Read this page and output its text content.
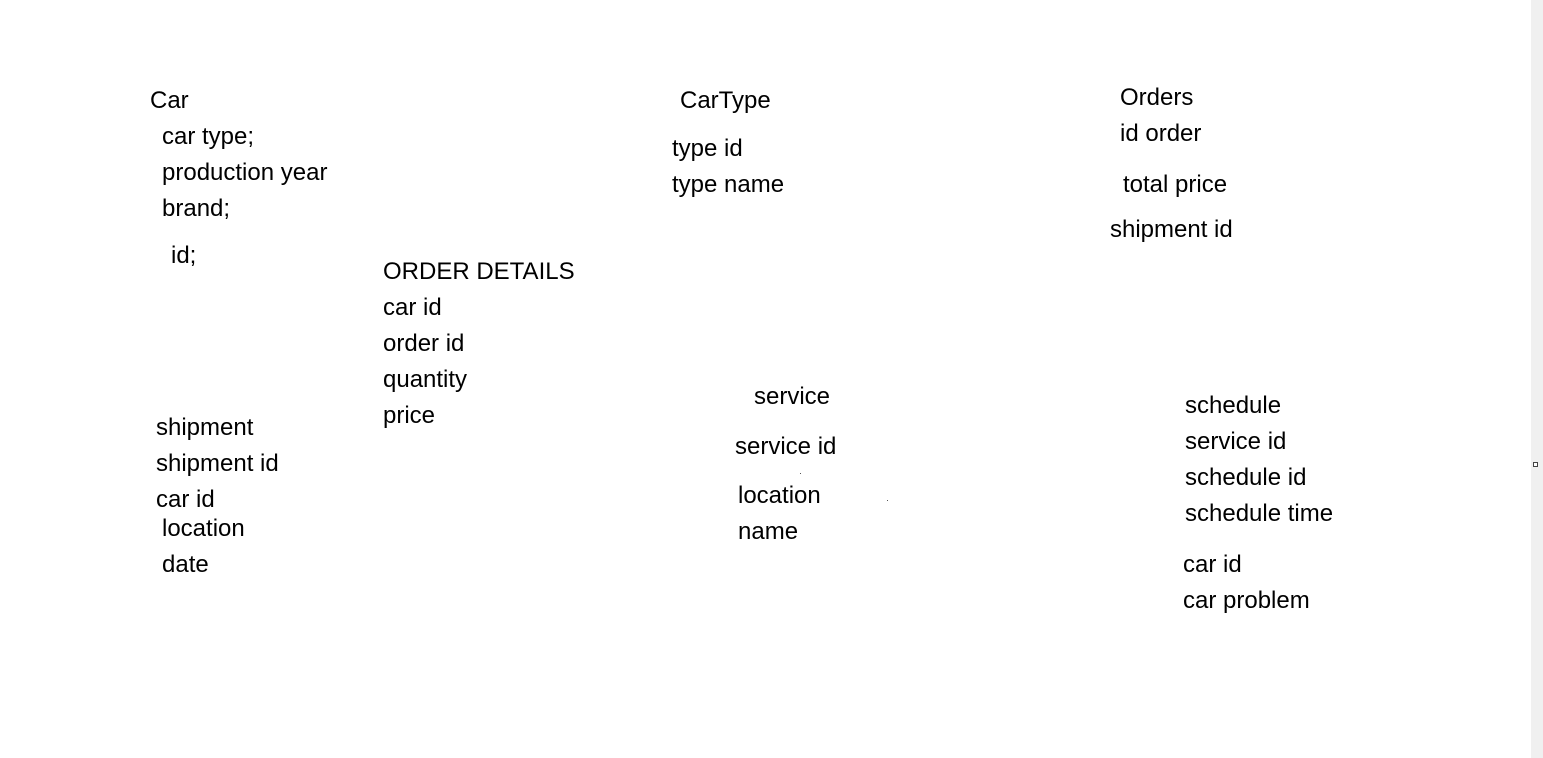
Car
car type;
production year
brand;
id;
ORDER DETAILS
car id
order id
quantity
price
CarType
type id
type name
Orders
id order
total price
shipment id
shipment
shipment id
car id
location
date
service
service id
location
name
schedule
service id
schedule id
schedule time
car id
car problem
